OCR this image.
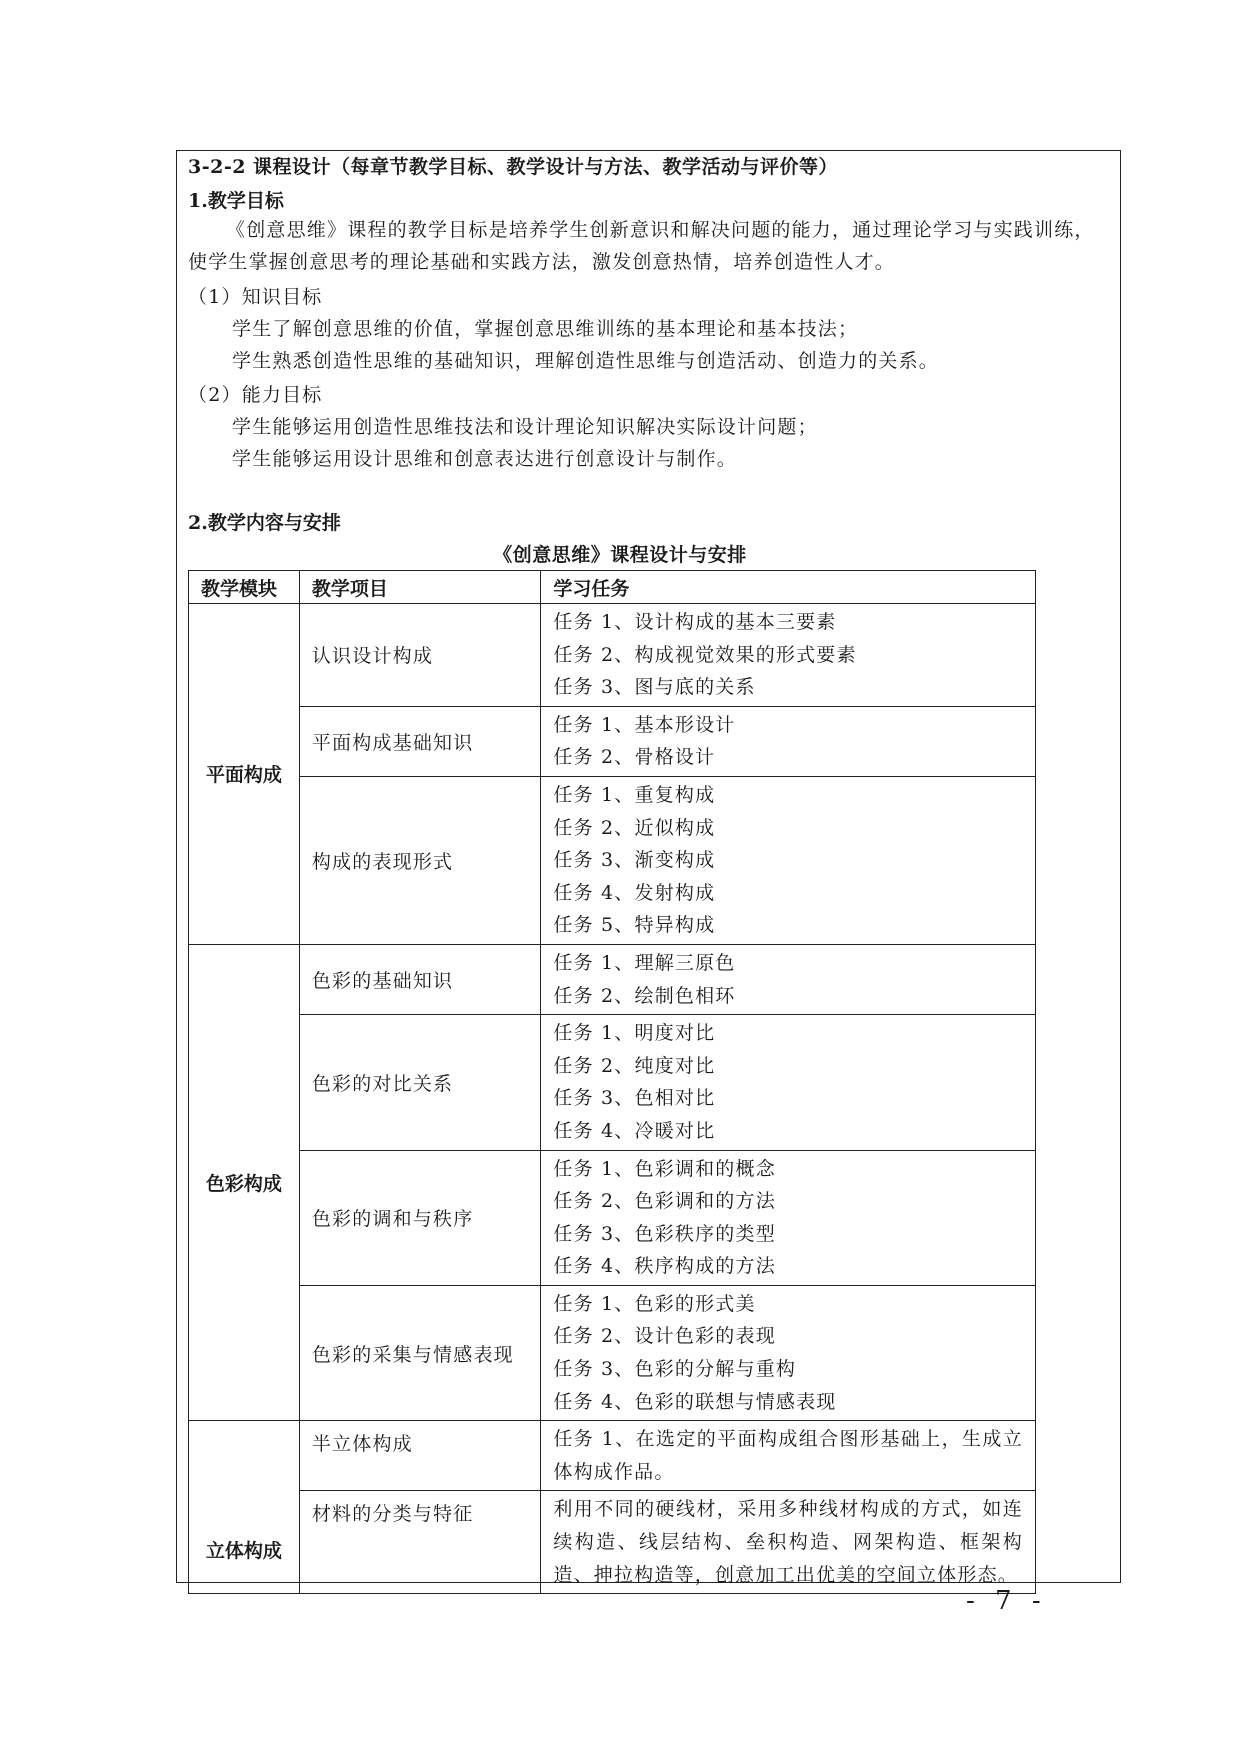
3-2-2 课程设计（每章节教学目标、教学设计与方法、教学活动与评价等）
1.教学目标
《创意思维》课程的教学目标是培养学生创新意识和解决问题的能力，通过理论学习与实践训练，使学生掌握创意思考的理论基础和实践方法，激发创意热情，培养创造性人才。
（1）知识目标
学生了解创意思维的价值，掌握创意思维训练的基本理论和基本技法；
学生熟悉创造性思维的基础知识，理解创造性思维与创造活动、创造力的关系。
（2）能力目标
学生能够运用创造性思维技法和设计理论知识解决实际设计问题；
学生能够运用设计思维和创意表达进行创意设计与制作。
2.教学内容与安排
《创意思维》课程设计与安排
教学模块	教学项目	学习任务
平面构成	认识设计构成	任务 1、设计构成的基本三要素
任务 2、构成视觉效果的形式要素
任务 3、图与底的关系

	平面构成基础知识	任务 1、基本形设计
任务 2、骨格设计

	构成的表现形式	任务 1、重复构成
任务 2、近似构成
任务 3、渐变构成
任务 4、发射构成
任务 5、特异构成

色彩构成	色彩的基础知识	任务 1、理解三原色
任务 2、绘制色相环

	色彩的对比关系	任务 1、明度对比
任务 2、纯度对比
任务 3、色相对比
任务 4、冷暖对比

	色彩的调和与秩序	任务 1、色彩调和的概念
任务 2、色彩调和的方法
任务 3、色彩秩序的类型
任务 4、秩序构成的方法

	色彩的采集与情感表现	任务 1、色彩的形式美
任务 2、设计色彩的表现
任务 3、色彩的分解与重构
任务 4、色彩的联想与情感表现

立体构成	半立体构成	任务 1、在选定的平面构成组合图形基础上，生成立体构成作品。

	材料的分类与特征	利用不同的硬线材，采用多种线材构成的方式，如连续构造、线层结构、垒积构造、网架构造、框架构造、抻拉构造等，创意加工出优美的空间立体形态。
- 7 -
